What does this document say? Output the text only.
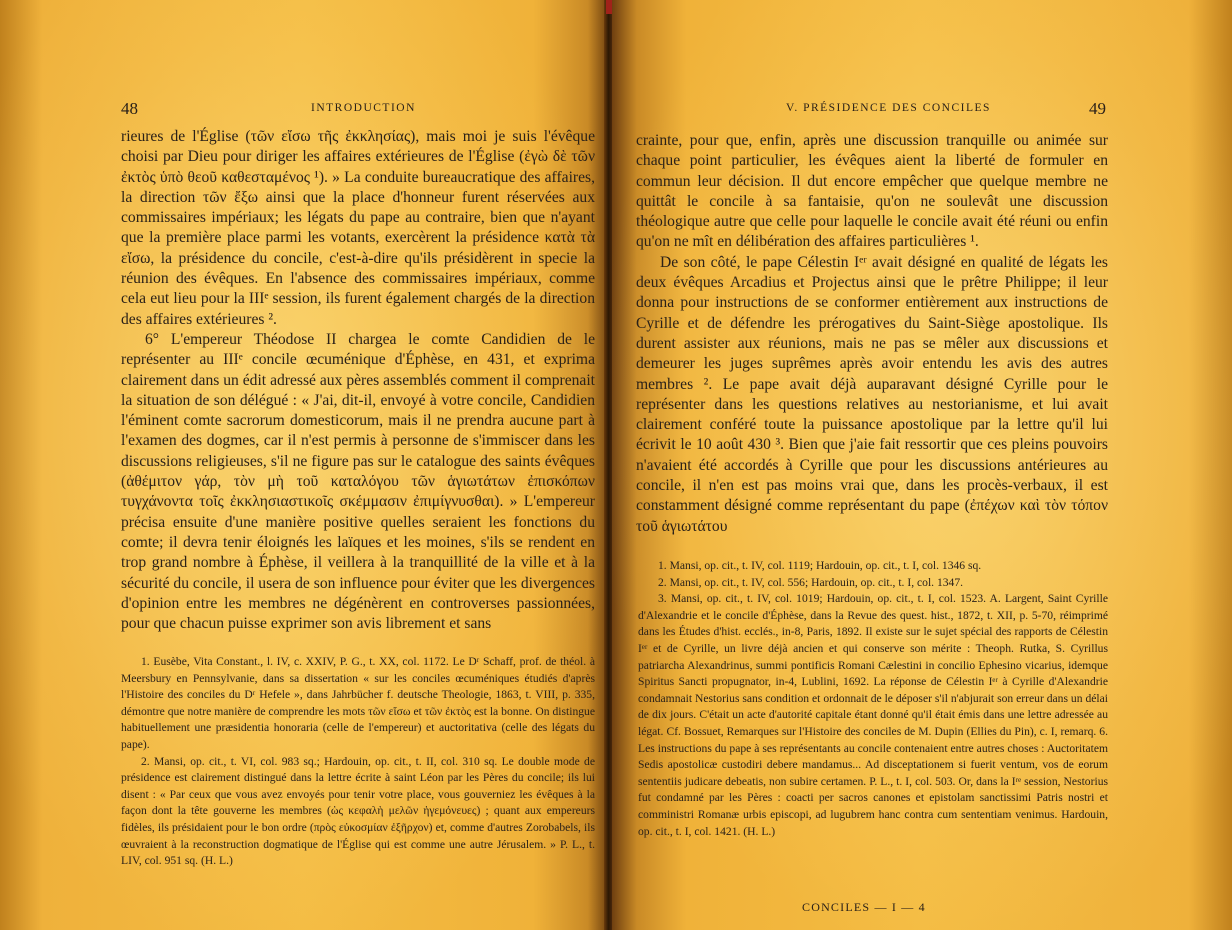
48	INTRODUCTION

rieures de l'Église (τῶν εἴσω τῆς ἐκκλησίας), mais moi je suis l'évêque choisi par Dieu pour diriger les affaires extérieures de l'Église (ἐγὼ δὲ τῶν ἐκτὸς ὑπὸ θεοῦ καθεσταμένος ¹). » La conduite bureaucratique des affaires, la direction τῶν ἔξω ainsi que la place d'honneur furent réservées aux commissaires impériaux; les légats du pape au contraire, bien que n'ayant que la première place parmi les votants, exercèrent la présidence κατὰ τὰ εἴσω, la présidence du concile, c'est-à-dire qu'ils présidèrent in specie la réunion des évêques. En l'absence des commissaires impériaux, comme cela eut lieu pour la IIIᵉ session, ils furent également chargés de la direction des affaires extérieures ².

6° L'empereur Théodose II chargea le comte Candidien de le représenter au IIIᵉ concile œcuménique d'Éphèse, en 431, et exprima clairement dans un édit adressé aux pères assemblés comment il comprenait la situation de son délégué : « J'ai, dit-il, envoyé à votre concile, Candidien l'éminent comte sacrorum domesticorum, mais il ne prendra aucune part à l'examen des dogmes, car il n'est permis à personne de s'immiscer dans les discussions religieuses, s'il ne figure pas sur le catalogue des saints évêques (ἀθέμιτον γάρ, τὸν μὴ τοῦ καταλόγου τῶν ἁγιωτάτων ἐπισκόπων τυγχάνοντα τοῖς ἐκκλησιαστικοῖς σκέμμασιν ἐπιμίγνυσθαι). » L'empereur précisa ensuite d'une manière positive quelles seraient les fonctions du comte; il devra tenir éloignés les laïques et les moines, s'ils se rendent en trop grand nombre à Éphèse, il veillera à la tranquillité de la ville et à la sécurité du concile, il usera de son influence pour éviter que les divergences d'opinion entre les membres ne dégénèrent en controverses passionnées, pour que chacun puisse exprimer son avis librement et sans

1. Eusèbe, Vita Constant., l. IV, c. XXIV, P. G., t. XX, col. 1172. Le Dʳ Schaff, prof. de théol. à Meersbury en Pennsylvanie, dans sa dissertation « sur les conciles œcuméniques étudiés d'après l'Histoire des conciles du Dʳ Hefele », dans Jahrbücher f. deutsche Theologie, 1863, t. VIII, p. 335, démontre que notre manière de comprendre les mots τῶν εἴσω et τῶν ἐκτὸς est la bonne. On distingue habituellement une præsidentia honoraria (celle de l'empereur) et auctoritativa (celle des légats du pape).

2. Mansi, op. cit., t. VI, col. 983 sq.; Hardouin, op. cit., t. II, col. 310 sq. Le double mode de présidence est clairement distingué dans la lettre écrite à saint Léon par les Pères du concile; ils lui disent : « Par ceux que vous avez envoyés pour tenir votre place, vous gouverniez les évêques à la façon dont la tête gouverne les membres (ὡς κεφαλὴ μελῶν ἡγεμόνευες) ; quant aux empereurs fidèles, ils présidaient pour le bon ordre (πρὸς εὐκοσμίαν ἐξῆρχον) et, comme d'autres Zorobabels, ils œuvraient à la reconstruction dogmatique de l'Église qui est comme une autre Jérusalem. » P. L., t. LIV, col. 951 sq. (H. L.)

V. PRÉSIDENCE DES CONCILES	49

crainte, pour que, enfin, après une discussion tranquille ou animée sur chaque point particulier, les évêques aient la liberté de formuler en commun leur décision. Il dut encore empêcher que quelque membre ne quittât le concile à sa fantaisie, qu'on ne soulevât une discussion théologique autre que celle pour laquelle le concile avait été réuni ou enfin qu'on ne mît en délibération des affaires particulières ¹.

De son côté, le pape Célestin Iᵉʳ avait désigné en qualité de légats les deux évêques Arcadius et Projectus ainsi que le prêtre Philippe; il leur donna pour instructions de se conformer entièrement aux instructions de Cyrille et de défendre les prérogatives du Saint-Siège apostolique. Ils durent assister aux réunions, mais ne pas se mêler aux discussions et demeurer les juges suprêmes après avoir entendu les avis des autres membres ². Le pape avait déjà auparavant désigné Cyrille pour le représenter dans les questions relatives au nestorianisme, et lui avait clairement conféré toute la puissance apostolique par la lettre qu'il lui écrivit le 10 août 430 ³. Bien que j'aie fait ressortir que ces pleins pouvoirs n'avaient été accordés à Cyrille que pour les discussions antérieures au concile, il n'en est pas moins vrai que, dans les procès-verbaux, il est constamment désigné comme représentant du pape (ἐπέχων καὶ τὸν τόπον τοῦ ἁγιωτάτου

1. Mansi, op. cit., t. IV, col. 1119; Hardouin, op. cit., t. I, col. 1346 sq.

2. Mansi, op. cit., t. IV, col. 556; Hardouin, op. cit., t. I, col. 1347.

3. Mansi, op. cit., t. IV, col. 1019; Hardouin, op. cit., t. I, col. 1523. A. Largent, Saint Cyrille d'Alexandrie et le concile d'Éphèse, dans la Revue des quest. hist., 1872, t. XII, p. 5-70, réimprimé dans les Études d'hist. ecclés., in-8, Paris, 1892. Il existe sur le sujet spécial des rapports de Célestin Iᵉʳ et de Cyrille, un livre déjà ancien et qui conserve son mérite : Theoph. Rutka, S. Cyrillus patriarcha Alexandrinus, summi pontificis Romani Cælestini in concilio Ephesino vicarius, idemque Spiritus Sancti propugnator, in-4, Lublini, 1692. La réponse de Célestin Iᵉʳ à Cyrille d'Alexandrie condamnait Nestorius sans condition et ordonnait de le déposer s'il n'abjurait son erreur dans un délai de dix jours. C'était un acte d'autorité capitale étant donné qu'il était émis dans une lettre adressée au légat. Cf. Bossuet, Remarques sur l'Histoire des conciles de M. Dupin (Ellies du Pin), c. I, remarq. 6. Les instructions du pape à ses représentants au concile contenaient entre autres choses : Auctoritatem Sedis apostolicæ custodiri debere mandamus... Ad disceptationem si fuerit ventum, vos de eorum sententiis judicare debeatis, non subire certamen. P. L., t. I, col. 503. Or, dans la Iʳᵉ session, Nestorius fut condamné par les Pères : coacti per sacros canones et epistolam sanctissimi Patris nostri et comministri Romanæ urbis episcopi, ad lugubrem hanc contra cum sententiam venimus. Hardouin, op. cit., t. I, col. 1421. (H. L.)

CONCILES — I — 4
